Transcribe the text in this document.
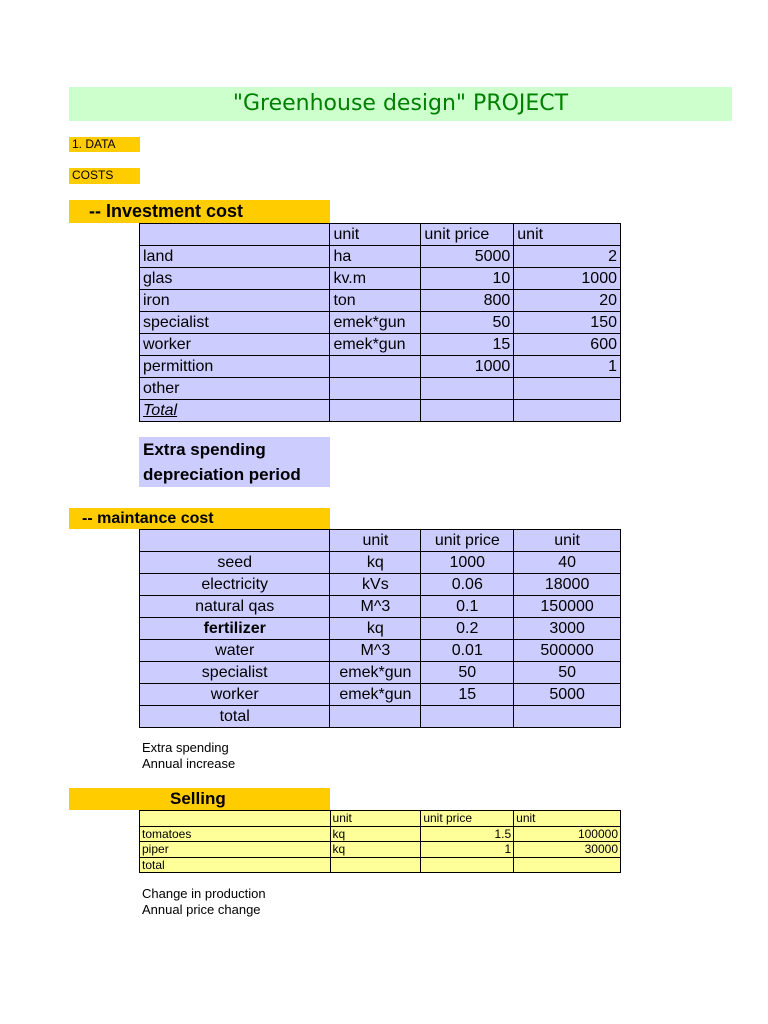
"Greenhouse design" PROJECT
1. DATA
COSTS
-- Investment cost
	unit	unit price	unit
land	ha	5000	2
glas	kv.m	10	1000
iron	ton	800	20
specialist	emek*gun	50	150
worker	emek*gun	15	600
permittion		1000	1
other			
Total			
Extra spending
depreciation period
-- maintance cost
	unit	unit price	unit
seed	kq	1000	40
electricity	kVs	0.06	18000
natural qas	M^3	0.1	150000
fertilizer	kq	0.2	3000
water	M^3	0.01	500000
specialist	emek*gun	50	50
worker	emek*gun	15	5000
total			
Extra spending
Annual increase
Selling
	unit	unit price	unit
tomatoes	kq	1.5	100000
piper	kq	1	30000
total			
Change in production
Annual price change
